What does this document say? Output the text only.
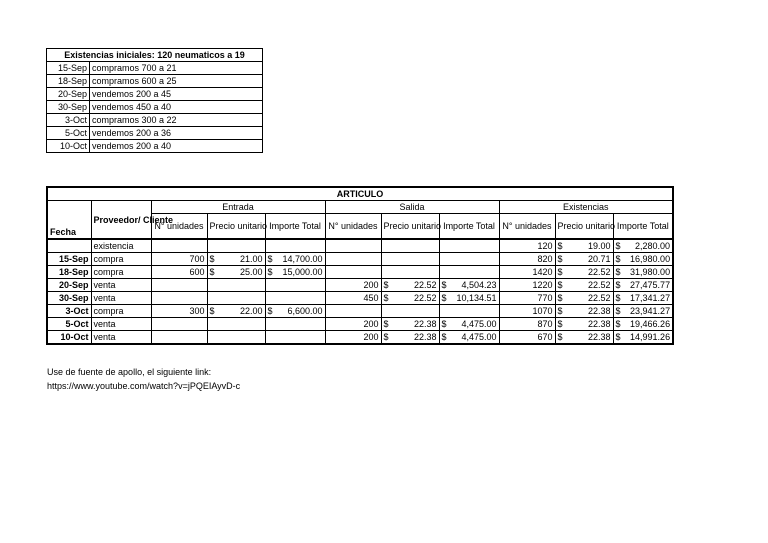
Existencias iniciales: 120 neumaticos a 19	
15-Sep	compramos 700 a 21
18-Sep	compramos 600 a 25
20-Sep	vendemos 200 a 45
30-Sep	vendemos 450 a 40
3-Oct	compramos 300 a 22
5-Oct	vendemos 200 a 36
10-Oct	vendemos 200 a 40
ARTICULO										
Fecha	Proveedor/ Cliente	Entrada			Salida			Existencias		
		N° unidades	Precio unitario	Importe Total	N° unidades	Precio unitario	Importe Total	N° unidades	Precio unitario	Importe Total
	existencia							120	$ 19.00	$ 2,280.00

15-Sep	compra	700	$ 21.00	$ 14,700.00				820	$ 20.71	$ 16,980.00

18-Sep	compra	600	$ 25.00	$ 15,000.00				1420	$ 22.52	$ 31,980.00

20-Sep	venta				200	$ 22.52	$ 4,504.23	1220	$ 22.52	$ 27,475.77

30-Sep	venta				450	$ 22.52	$ 10,134.51	770	$ 22.52	$ 17,341.27

3-Oct	compra	300	$ 22.00	$ 6,600.00				1070	$ 22.38	$ 23,941.27

5-Oct	venta				200	$ 22.38	$ 4,475.00	870	$ 22.38	$ 19,466.26

10-Oct	venta				200	$ 22.38	$ 4,475.00	670	$ 22.38	$ 14,991.26
Use de fuente de apollo, el siguiente link:
https://www.youtube.com/watch?v=jPQEIAyvD-c
